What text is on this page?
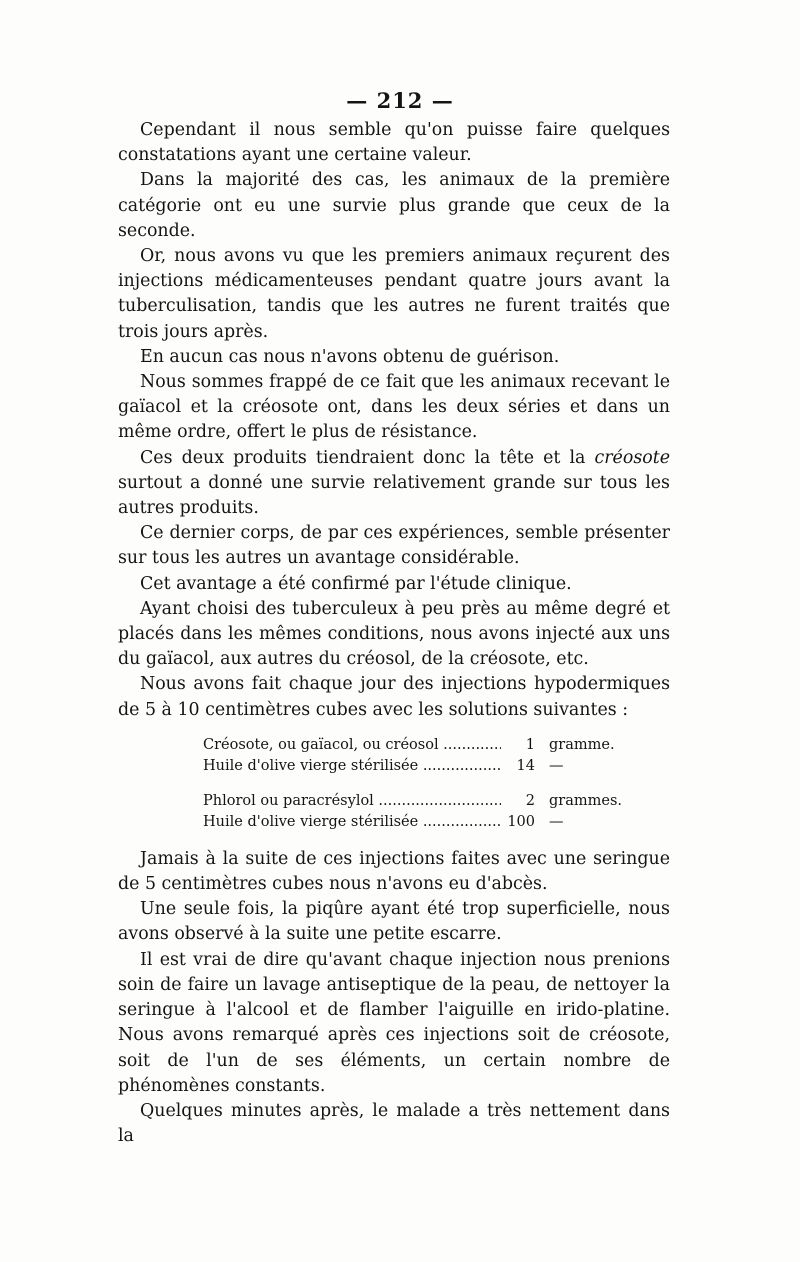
— 212 —

Cependant il nous semble qu'on puisse faire quelques constatations ayant une certaine valeur.

Dans la majorité des cas, les animaux de la première catégorie ont eu une survie plus grande que ceux de la seconde.

Or, nous avons vu que les premiers animaux reçurent des injections médicamenteuses pendant quatre jours avant la tuberculisation, tandis que les autres ne furent traités que trois jours après.

En aucun cas nous n'avons obtenu de guérison.

Nous sommes frappé de ce fait que les animaux recevant le gaïacol et la créosote ont, dans les deux séries et dans un même ordre, offert le plus de résistance.

Ces deux produits tiendraient donc la tête et la créosote surtout a donné une survie relativement grande sur tous les autres produits.

Ce dernier corps, de par ces expériences, semble présenter sur tous les autres un avantage considérable.

Cet avantage a été confirmé par l'étude clinique.

Ayant choisi des tuberculeux à peu près au même degré et placés dans les mêmes conditions, nous avons injecté aux uns du gaïacol, aux autres du créosol, de la créosote, etc.

Nous avons fait chaque jour des injections hypodermiques de 5 à 10 centimètres cubes avec les solutions suivantes :

Créosote, ou gaïacol, ou créosol .....	1 gramme.
Huile d'olive vierge stérilisée .....	14 —
Phlorol ou paracrésylol .....	2 grammes.
Huile d'olive vierge stérilisée .....	100 —

Jamais à la suite de ces injections faites avec une seringue de 5 centimètres cubes nous n'avons eu d'abcès.

Une seule fois, la piqûre ayant été trop superficielle, nous avons observé à la suite une petite escarre.

Il est vrai de dire qu'avant chaque injection nous prenions soin de faire un lavage antiseptique de la peau, de nettoyer la seringue à l'alcool et de flamber l'aiguille en irido-platine. Nous avons remarqué après ces injections soit de créosote, soit de l'un de ses éléments, un certain nombre de phénomènes constants.

Quelques minutes après, le malade a très nettement dans la
